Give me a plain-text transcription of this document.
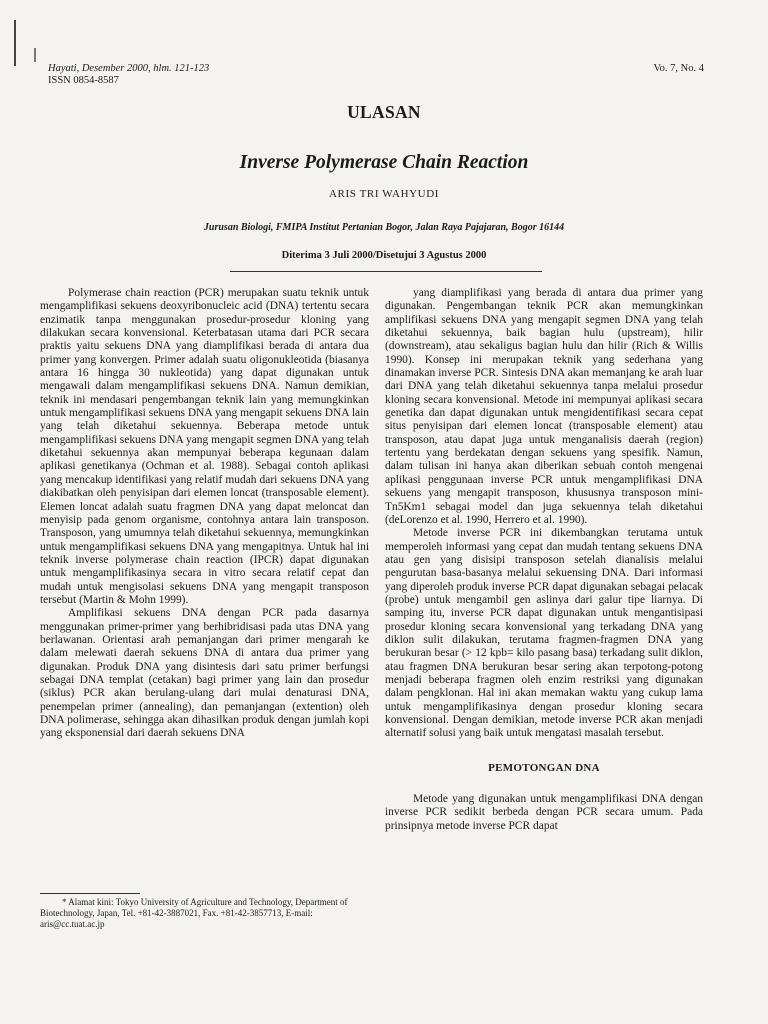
Hayati, Desember 2000, hlm. 121-123
ISSN 0854-8587
Vo. 7, No. 4
ULASAN
Inverse Polymerase Chain Reaction
ARIS TRI WAHYUDI
Jurusan Biologi, FMIPA Institut Pertanian Bogor, Jalan Raya Pajajaran, Bogor 16144
Diterima 3 Juli 2000/Disetujui 3 Agustus 2000

Polymerase chain reaction (PCR) merupakan suatu teknik untuk mengamplifikasi sekuens deoxyribonucleic acid (DNA) tertentu secara enzimatik tanpa menggunakan prosedur-prosedur kloning yang dilakukan secara konvensional. Keterbatasan utama dari PCR secara praktis yaitu sekuens DNA yang diamplifikasi berada di antara dua primer yang konvergen. Primer adalah suatu oligonukleotida (biasanya antara 16 hingga 30 nukleotida) yang dapat digunakan untuk mengawali dalam mengamplifikasi sekuens DNA. Namun demikian, teknik ini mendasari pengembangan teknik lain yang memungkinkan untuk mengamplifikasi sekuens DNA yang mengapit sekuens DNA lain yang telah diketahui sekuennya. Beberapa metode untuk mengamplifikasi sekuens DNA yang mengapit segmen DNA yang telah diketahui sekuennya akan mempunyai beberapa kegunaan dalam aplikasi genetikanya (Ochman et al. 1988). Sebagai contoh aplikasi yang mencakup identifikasi yang relatif mudah dari sekuens DNA yang diakibatkan oleh penyisipan dari elemen loncat (transposable element). Elemen loncat adalah suatu fragmen DNA yang dapat meloncat dan menyisip pada genom organisme, contohnya antara lain transposon. Transposon, yang umumnya telah diketahui sekuennya, memungkinkan untuk mengamplifikasi sekuens DNA yang mengapitnya. Untuk hal ini teknik inverse polymerase chain reaction (IPCR) dapat digunakan untuk mengamplifikasinya secara in vitro secara relatif cepat dan mudah untuk mengisolasi sekuens DNA yang mengapit transposon tersebut (Martin & Mohn 1999).

Amplifikasi sekuens DNA dengan PCR pada dasarnya menggunakan primer-primer yang berhibridisasi pada utas DNA yang berlawanan. Orientasi arah pemanjangan dari primer mengarah ke dalam melewati daerah sekuens DNA di antara dua primer yang digunakan. Produk DNA yang disintesis dari satu primer berfungsi sebagai DNA templat (cetakan) bagi primer yang lain dan prosedur (siklus) PCR akan berulang-ulang dari mulai denaturasi DNA, penempelan primer (annealing), dan pemanjangan (extention) oleh DNA polimerase, sehingga akan dihasilkan produk dengan jumlah kopi yang eksponensial dari daerah sekuens DNA

yang diamplifikasi yang berada di antara dua primer yang digunakan. Pengembangan teknik PCR akan memungkinkan amplifikasi sekuens DNA yang mengapit segmen DNA yang telah diketahui sekuennya, baik bagian hulu (upstream), hilir (downstream), atau sekaligus bagian hulu dan hilir (Rich & Willis 1990). Konsep ini merupakan teknik yang sederhana yang dinamakan inverse PCR. Sintesis DNA akan memanjang ke arah luar dari DNA yang telah diketahui sekuennya tanpa melalui prosedur kloning secara konvensional. Metode ini mempunyai aplikasi secara genetika dan dapat digunakan untuk mengidentifikasi secara cepat situs penyisipan dari elemen loncat (transposable element) atau transposon, atau dapat juga untuk menganalisis daerah (region) tertentu yang berdekatan dengan sekuens yang spesifik. Namun, dalam tulisan ini hanya akan diberikan sebuah contoh mengenai aplikasi penggunaan inverse PCR untuk mengamplifikasi DNA sekuens yang mengapit transposon, khususnya transposon mini-Tn5Km1 sebagai model dan juga sekuennya telah diketahui (deLorenzo et al. 1990, Herrero et al. 1990).

Metode inverse PCR ini dikembangkan terutama untuk memperoleh informasi yang cepat dan mudah tentang sekuens DNA atau gen yang disisipi transposon setelah dianalisis melalui pengurutan basa-basanya melalui sekuensing DNA. Dari informasi yang diperoleh produk inverse PCR dapat digunakan sebagai pelacak (probe) untuk mengambil gen aslinya dari galur tipe liarnya. Di samping itu, inverse PCR dapat digunakan untuk mengantisipasi prosedur kloning secara konvensional yang terkadang DNA yang diklon sulit dilakukan, terutama fragmen-fragmen DNA yang berukuran besar (> 12 kpb= kilo pasang basa) terkadang sulit diklon, atau fragmen DNA berukuran besar sering akan terpotong-potong menjadi beberapa fragmen oleh enzim restriksi yang digunakan dalam pengklonan. Hal ini akan memakan waktu yang cukup lama untuk mengamplifikasinya dengan prosedur kloning secara konvensional. Dengan demikian, metode inverse PCR akan menjadi alternatif solusi yang baik untuk mengatasi masalah tersebut.

PEMOTONGAN DNA

Metode yang digunakan untuk mengamplifikasi DNA dengan inverse PCR sedikit berbeda dengan PCR secara umum. Pada prinsipnya metode inverse PCR dapat

* Alamat kini: Tokyo University of Agriculture and Technology, Department of Biotechnology, Japan, Tel. +81-42-3887021, Fax. +81-42-3857713, E-mail: aris@cc.tuat.ac.jp
